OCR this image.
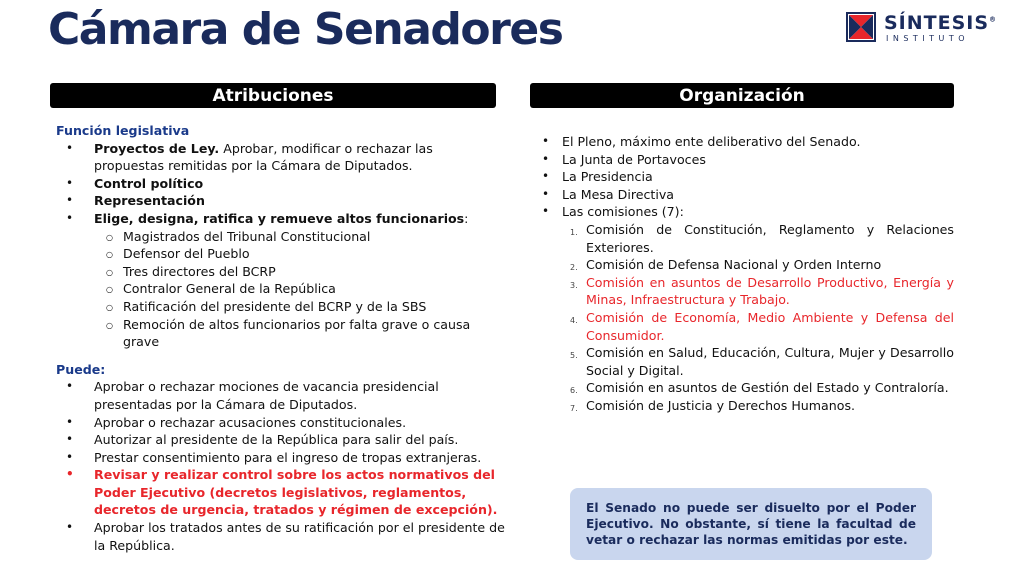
Cámara de Senadores	SÍNTESIS®
INSTITUTO
Atribuciones	Organización
Función legislativa
• Proyectos de Ley. Aprobar, modificar o rechazar las propuestas remitidas por la Cámara de Diputados.
• Control político
• Representación
• Elige, designa, ratifica y remueve altos funcionarios:
○ Magistrados del Tribunal Constitucional
○ Defensor del Pueblo
○ Tres directores del BCRP
○ Contralor General de la República
○ Ratificación del presidente del BCRP y de la SBS
○ Remoción de altos funcionarios por falta grave o causa grave
Puede:
• Aprobar o rechazar mociones de vacancia presidencial presentadas por la Cámara de Diputados.
• Aprobar o rechazar acusaciones constitucionales.
• Autorizar al presidente de la República para salir del país.
• Prestar consentimiento para el ingreso de tropas extranjeras.
• Revisar y realizar control sobre los actos normativos del Poder Ejecutivo (decretos legislativos, reglamentos, decretos de urgencia, tratados y régimen de excepción).
• Aprobar los tratados antes de su ratificación por el presidente de la República.
• El Pleno, máximo ente deliberativo del Senado.
• La Junta de Portavoces
• La Presidencia
• La Mesa Directiva
• Las comisiones (7):
1. Comisión de Constitución, Reglamento y Relaciones Exteriores.
2. Comisión de Defensa Nacional y Orden Interno
3. Comisión en asuntos de Desarrollo Productivo, Energía y Minas, Infraestructura y Trabajo.
4. Comisión de Economía, Medio Ambiente y Defensa del Consumidor.
5. Comisión en Salud, Educación, Cultura, Mujer y Desarrollo Social y Digital.
6. Comisión en asuntos de Gestión del Estado y Contraloría.
7. Comisión de Justicia y Derechos Humanos.
El Senado no puede ser disuelto por el Poder Ejecutivo. No obstante, sí tiene la facultad de vetar o rechazar las normas emitidas por este.
